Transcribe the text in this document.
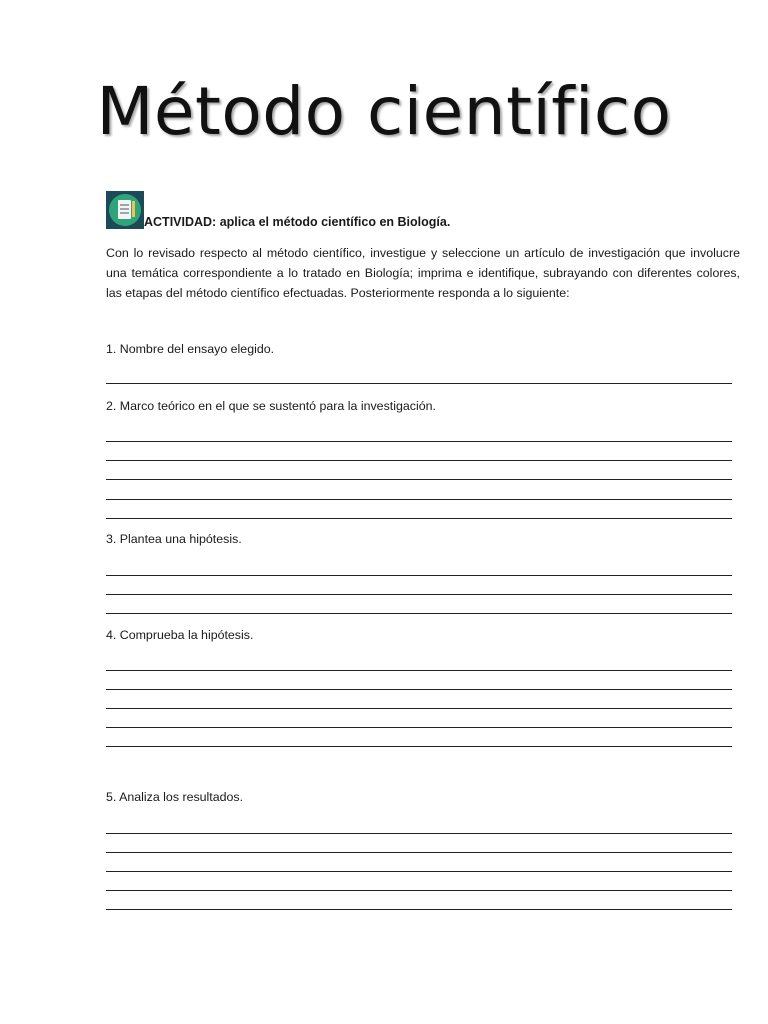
Método científico
ACTIVIDAD: aplica el método científico en Biología.

Con lo revisado respecto al método científico, investigue y seleccione un artículo de investigación que involucre una temática correspondiente a lo tratado en Biología; imprima e identifique, subrayando con diferentes colores, las etapas del método científico efectuadas. Posteriormente responda a lo siguiente:

1. Nombre del ensayo elegido.

2. Marco teórico en el que se sustentó para la investigación.

3. Plantea una hipótesis.

4. Comprueba la hipótesis.

5. Analiza los resultados.
